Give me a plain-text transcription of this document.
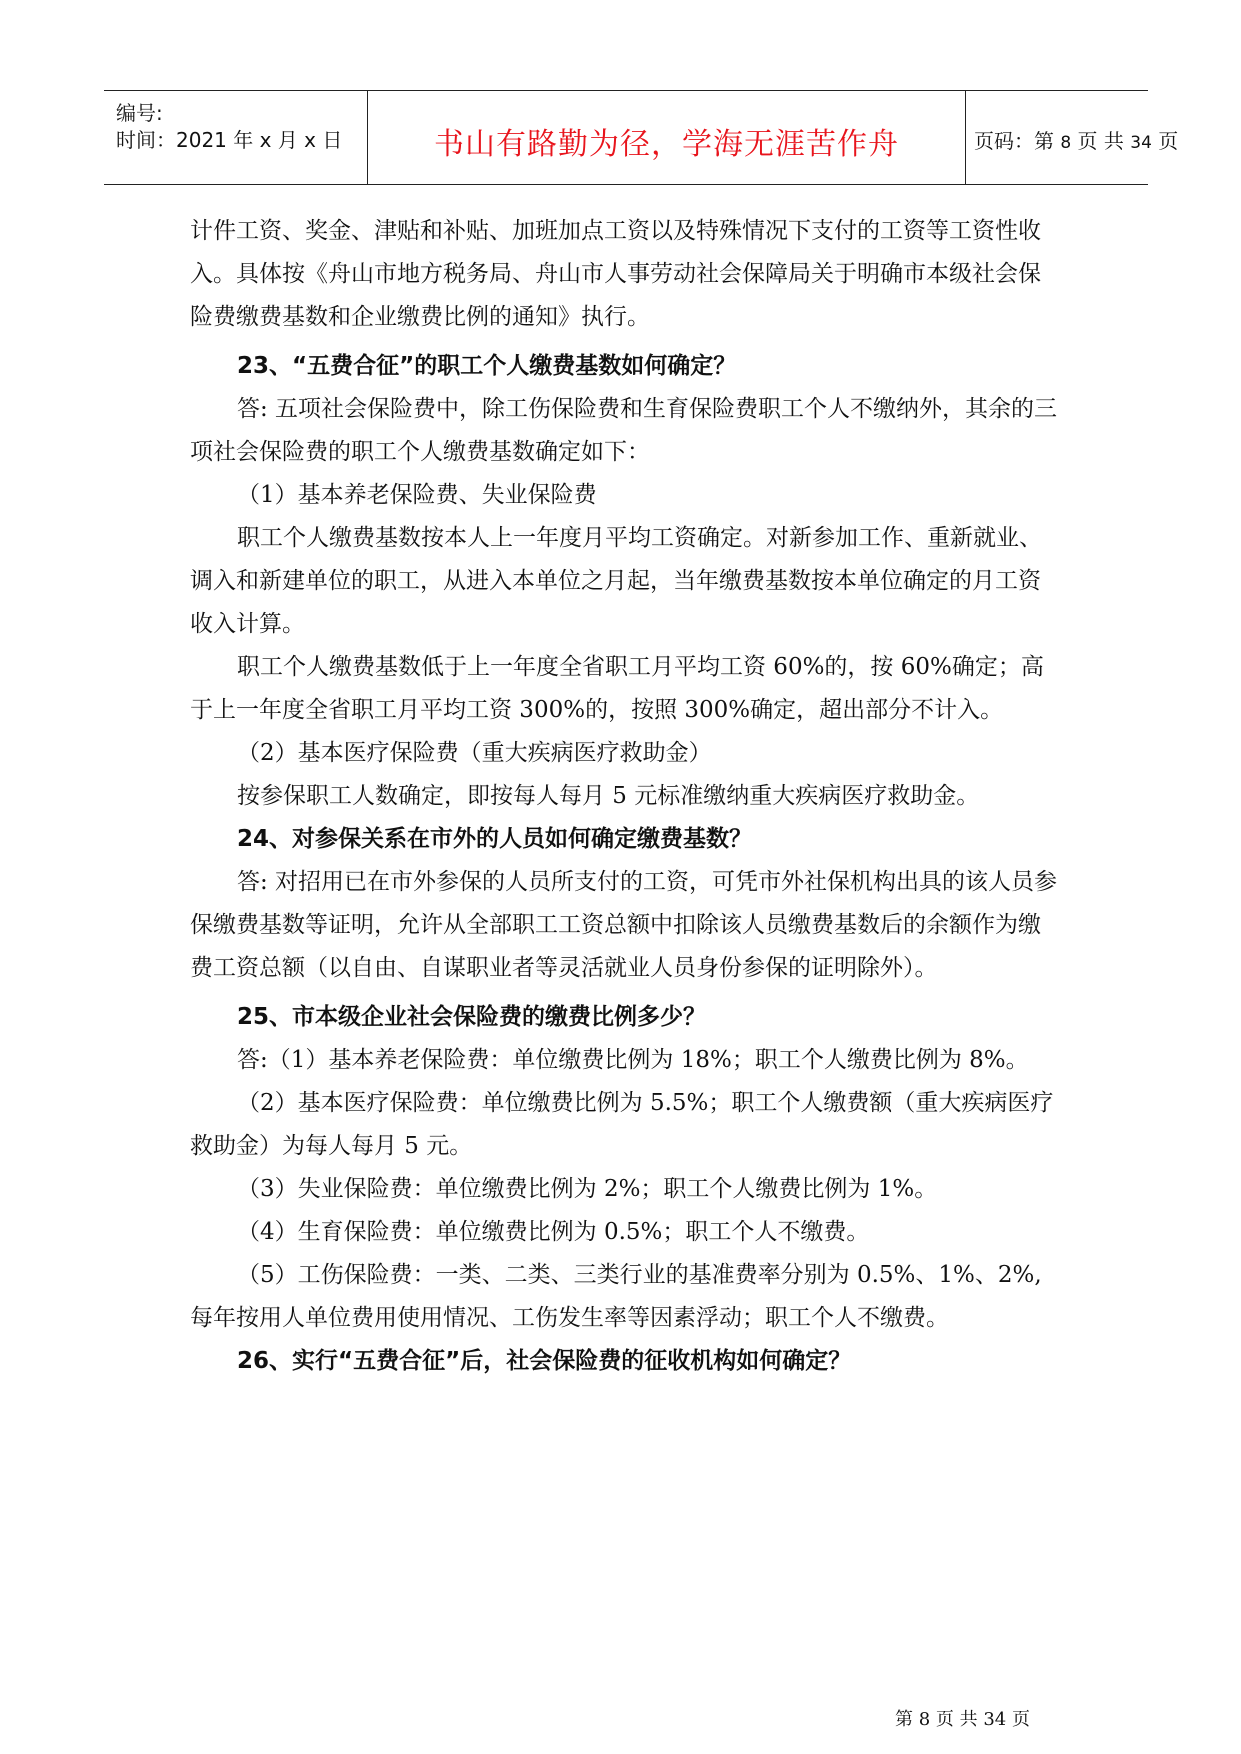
编号:
时间：2021 年 x 月 x 日	书山有路勤为径，学海无涯苦作舟	页码：第 8 页 共 34 页

计件工资、奖金、津贴和补贴、加班加点工资以及特殊情况下支付的工资等工资性收入。具体按《舟山市地方税务局、舟山市人事劳动社会保障局关于明确市本级社会保险费缴费基数和企业缴费比例的通知》执行。

23、“五费合征”的职工个人缴费基数如何确定？

答: 五项社会保险费中，除工伤保险费和生育保险费职工个人不缴纳外，其余的三项社会保险费的职工个人缴费基数确定如下：

（1）基本养老保险费、失业保险费

职工个人缴费基数按本人上一年度月平均工资确定。对新参加工作、重新就业、调入和新建单位的职工，从进入本单位之月起，当年缴费基数按本单位确定的月工资收入计算。

职工个人缴费基数低于上一年度全省职工月平均工资 60%的，按 60%确定；高于上一年度全省职工月平均工资 300%的，按照 300%确定，超出部分不计入。

（2）基本医疗保险费（重大疾病医疗救助金）

按参保职工人数确定，即按每人每月 5 元标准缴纳重大疾病医疗救助金。

24、对参保关系在市外的人员如何确定缴费基数？

答: 对招用已在市外参保的人员所支付的工资，可凭市外社保机构出具的该人员参保缴费基数等证明，允许从全部职工工资总额中扣除该人员缴费基数后的余额作为缴费工资总额（以自由、自谋职业者等灵活就业人员身份参保的证明除外）。

25、市本级企业社会保险费的缴费比例多少？

答:（1）基本养老保险费：单位缴费比例为 18%；职工个人缴费比例为 8%。

（2）基本医疗保险费：单位缴费比例为 5.5%；职工个人缴费额（重大疾病医疗救助金）为每人每月 5 元。

（3）失业保险费：单位缴费比例为 2%；职工个人缴费比例为 1%。

（4）生育保险费：单位缴费比例为 0.5%；职工个人不缴费。

（5）工伤保险费：一类、二类、三类行业的基准费率分别为 0.5%、1%、2%,每年按用人单位费用使用情况、工伤发生率等因素浮动；职工个人不缴费。

26、实行“五费合征”后，社会保险费的征收机构如何确定？

第 8 页 共 34 页
